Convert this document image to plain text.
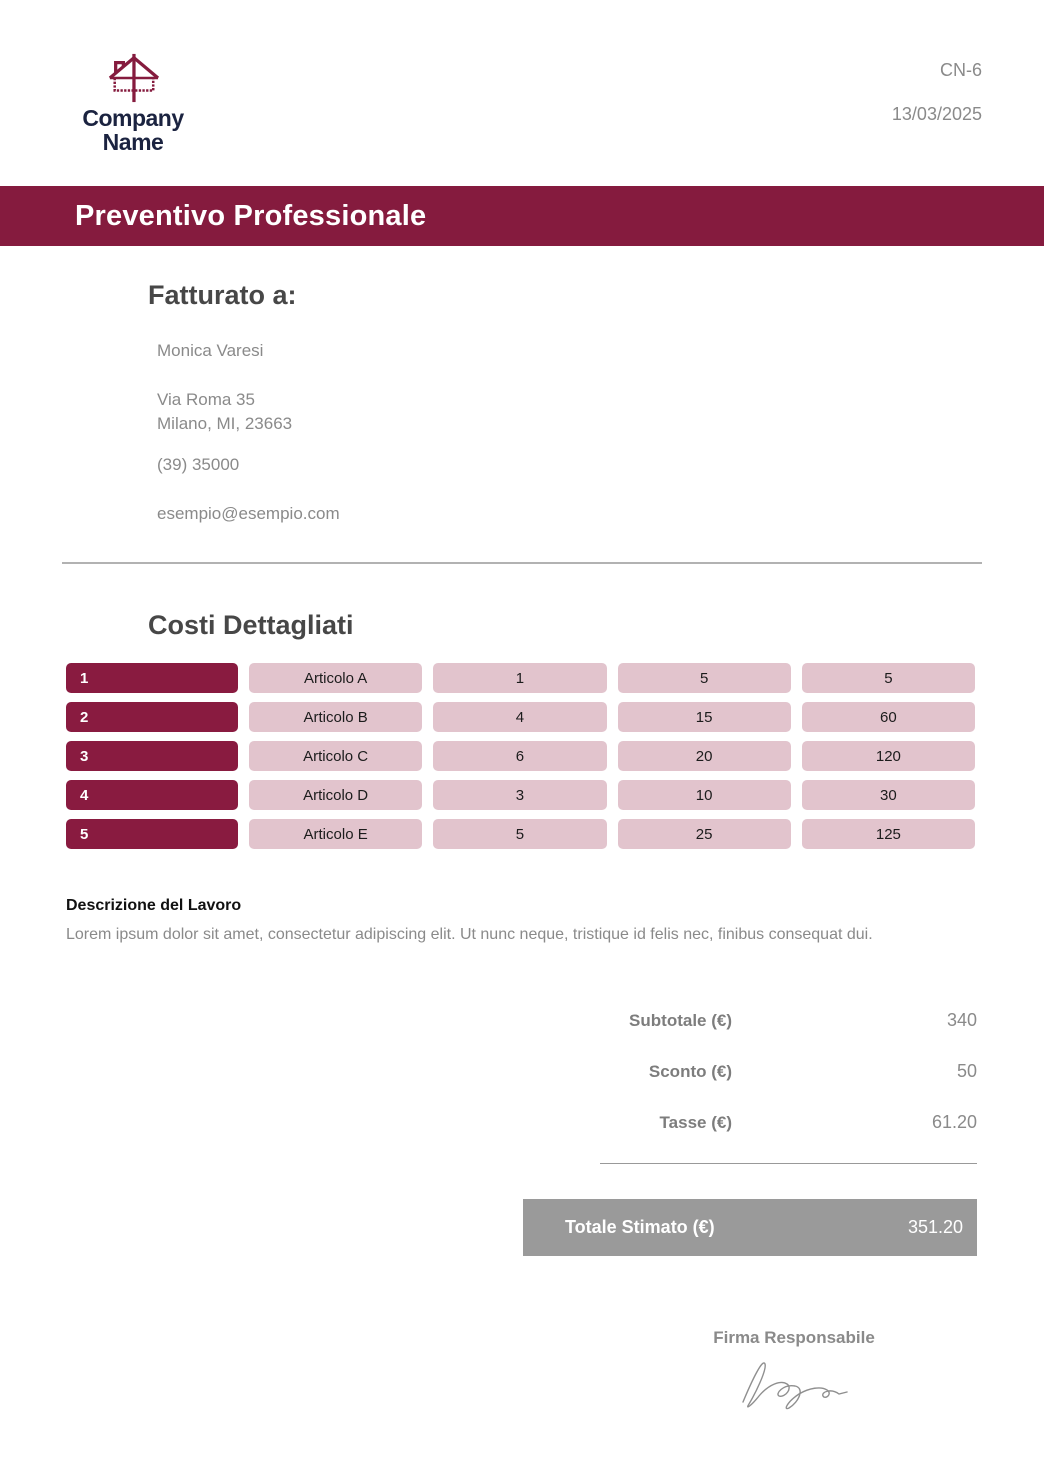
Company
Name
CN-6
13/03/2025
Preventivo Professionale
Fatturato a:

Monica Varesi

Via Roma 35

Milano, MI, 23663

(39) 35000

esempio@esempio.com

Costi Dettagliati
1	Articolo A	1	5	5
2	Articolo B	4	15	60
3	Articolo C	6	20	120
4	Articolo D	3	10	30
5	Articolo E	5	25	125
Descrizione del Lavoro

Lorem ipsum dolor sit amet, consectetur adipiscing elit. Ut nunc neque, tristique id felis nec, finibus consequat dui.

Subtotale (€)	340
Sconto (€)	50
Tasse (€)	61.20
Totale Stimato (€)	351.20
Firma Responsabile
